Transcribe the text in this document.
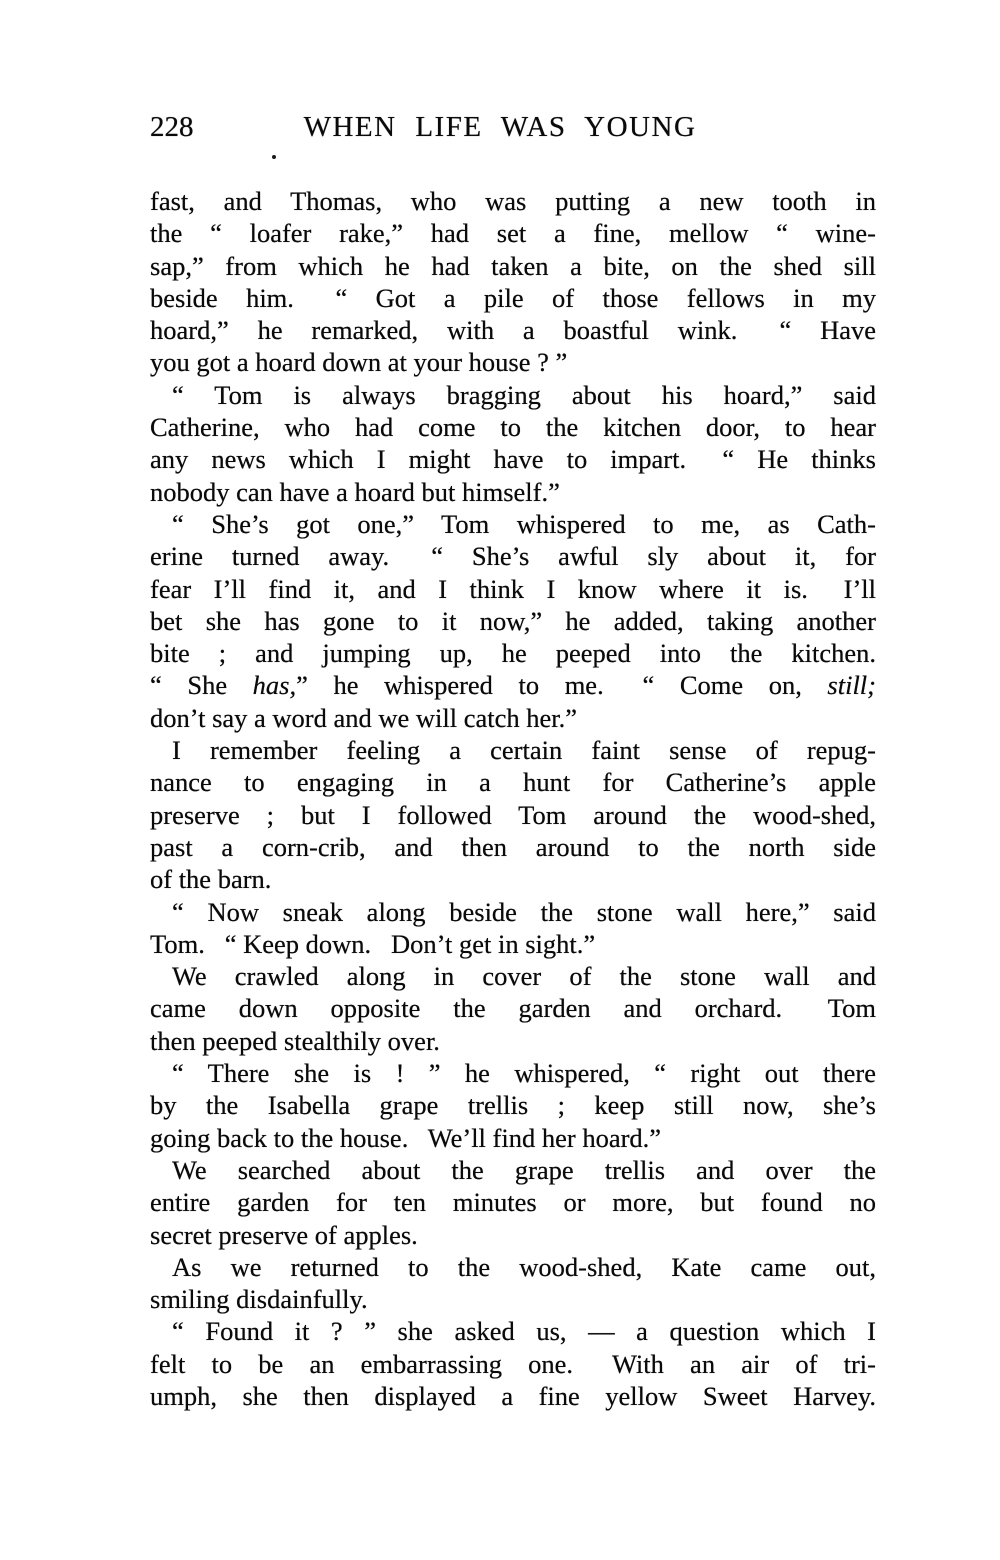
228	WHEN LIFE WAS YOUNG
fast, and Thomas, who was putting a new tooth in
the “ loafer rake,” had set a fine, mellow “ wine-
sap,” from which he had taken a bite, on the shed sill
beside him.  “ Got a pile of those fellows in my
hoard,” he remarked, with a boastful wink.  “ Have
you got a hoard down at your house ? ”
“ Tom is always bragging about his hoard,” said
Catherine, who had come to the kitchen door, to hear
any news which I might have to impart.  “ He thinks
nobody can have a hoard but himself.”
“ She’s got one,” Tom whispered to me, as Cath-
erine turned away.  “ She’s awful sly about it, for
fear I’ll find it, and I think I know where it is.  I’ll
bet she has gone to it now,” he added, taking another
bite ; and jumping up, he peeped into the kitchen.
“ She has,” he whispered to me.  “ Come on, still;
don’t say a word and we will catch her.”
I remember feeling a certain faint sense of repug-
nance to engaging in a hunt for Catherine’s apple
preserve ; but I followed Tom around the wood-shed,
past a corn-crib, and then around to the north side
of the barn.
“ Now sneak along beside the stone wall here,” said
Tom.  “ Keep down.  Don’t get in sight.”
We crawled along in cover of the stone wall and
came down opposite the garden and orchard.  Tom
then peeped stealthily over.
“ There she is ! ” he whispered, “ right out there
by the Isabella grape trellis ; keep still now, she’s
going back to the house.  We’ll find her hoard.”
We searched about the grape trellis and over the
entire garden for ten minutes or more, but found no
secret preserve of apples.
As we returned to the wood-shed, Kate came out,
smiling disdainfully.
“ Found it ? ” she asked us, — a question which I
felt to be an embarrassing one.  With an air of tri-
umph, she then displayed a fine yellow Sweet Harvey.
